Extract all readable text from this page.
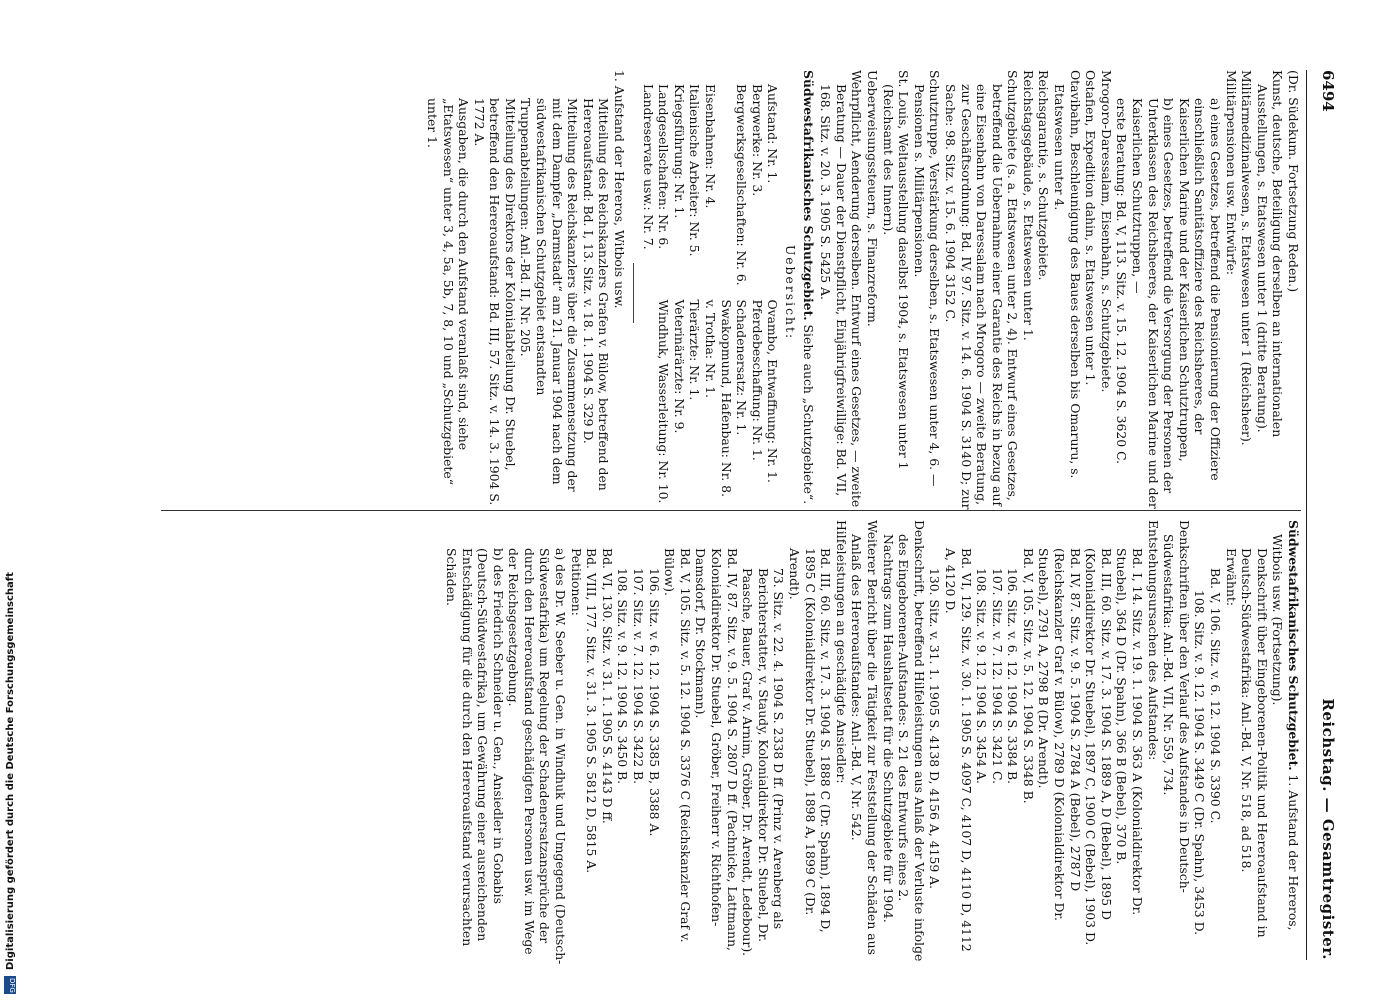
6494
Reichstag. — Gesamtregister.
(Dr. Südekum. Fortsetzung Reden.)
Kunst, deutsche, Beteiligung derselben an internationalen Ausstellungen, s. Etatswesen unter 1 (dritte Beratung).
Militärmedizinalwesen, s. Etatswesen unter 1 (Reichsheer).
Militärpensionen usw. Entwürfe:
a) eines Gesetzes, betreffend die Pensionierung der Offiziere einschließlich Sanitätsoffiziere des Reichsheeres, der Kaiserlichen Marine und der Kaiserlichen Schutztruppen,
b) eines Gesetzes, betreffend die Versorgung der Personen der Unterklassen des Reichsheeres, der Kaiserlichen Marine und der Kaiserlichen Schutztruppen, —
erste Beratung: Bd. V, 113. Sitz. v. 15. 12. 1904 S. 3620 C.
Mrogoro-Daressalam, Eisenbahn, s. Schutzgebiete.
Ostafien, Expedition dahin, s. Etatswesen unter 1.
Otavibahn, Beschleunigung des Baues derselben bis Omaruru, s. Etatswesen unter 4.
Reichsgarantie, s. Schutzgebiete.
Reichstagsgebäude, s. Etatswesen unter 1.
Schutzgebiete (s. a. Etatswesen unter 2, 4). Entwurf eines Gesetzes, betreffend die Uebernahme einer Garantie des Reichs in bezug auf eine Eisenbahn von Daressalam nach Mrogoro — zweite Beratung, zur Geschäftsordnung: Bd. IV, 97. Sitz. v. 14. 6. 1904 S. 3140 D; zur Sache: 98. Sitz. v. 15. 6. 1904 3152 C.
Schutztruppe, Verstärkung derselben, s. Etatswesen unter 4, 6. — Pensionen s. Militärpensionen.
St. Louis, Weltausstellung daselbst 1904, s. Etatswesen unter 1 (Reichsamt des Innern).
Ueberweisungssteuern, s. Finanzreform.
Wehrpflicht, Aenderung derselben. Entwurf eines Gesetzes, — zweite Beratung — Dauer der Dienstpflicht, Einjährigfreiwillige: Bd. VII, 168. Sitz. v. 20. 3. 1905 S. 5425 A.
Südwestafrikanisches Schutzgebiet. Siehe auch „Schutzgebiete“.
Uebersicht:
Aufstand: Nr. 1.
Ovambo, Entwaffnung: Nr. 1.
Bergwerke: Nr. 3.
Pferdebeschaffung: Nr. 1.
Bergwerksgesellschaften: Nr. 6.
Schadenersatz: Nr. 1.
Swakopmund, Hafenbau: Nr. 8.
Eisenbahnen: Nr. 4.
v. Trotha: Nr. 1.
Italienische Arbeiter: Nr. 5.
Tierärzte: Nr. 1.
Kriegsführung: Nr. 1.
Veterinärärzte: Nr. 9.
Landgesellschaften: Nr. 6.
Windhuk, Wasserleitung: Nr. 10.
Landreservate usw.: Nr. 7.
1. Aufstand der Hereros, Witbois usw.
Mitteilung des Reichskanzlers Grafen v. Bülow, betreffend den Hereroaufstand: Bd. I, 13. Sitz. v. 18. 1. 1904 S. 329 D.
Mitteilung des Reichskanzlers über die Zusammensetzung der mit dem Dampfer „Darmstadt“ am 21. Januar 1904 nach dem südwestafrikanischen Schutzgebiet entsandten Truppenabteilungen: Anl.-Bd. II, Nr. 205.
Mitteilung des Direktors der Kolonialabteilung Dr. Stuebel, betreffend den Hereroaufstand: Bd. III, 57. Sitz. v. 14. 3. 1904 S. 1772 A.
Ausgaben, die durch den Aufstand veranlaßt sind, siehe „Etatswesen“ unter 3, 4, 5a, 5b, 7, 8, 10 und „Schutzgebiete“ unter 1.
Südwestafrikanisches Schutzgebiet. 1. Aufstand der Hereros, Witbois usw. (Fortsetzung).
Denkschrift über Eingeborenen-Politik und Hereroaufstand in Deutsch-Südwestafrika: Anl.-Bd. V, Nr. 518, ad 518.
Erwähnt:
Bd. V, 106. Sitz. v. 6. 12. 1904 S. 3390 C.
108. Sitz. v. 9. 12. 1904 S. 3449 C (Dr. Spahn), 3453 D.
Denkschriften über den Verlauf des Aufstandes in Deutsch-Südwestafrika: Anl.-Bd. VII, Nr. 559, 734.
Entstehungsursachen des Aufstandes:
Bd. I, 14. Sitz. v. 19. 1. 1904 S. 363 A (Kolonialdirektor Dr. Stuebel), 364 D (Dr. Spahn), 366 B (Bebel), 370 B.
Bd. III, 60. Sitz. v. 17. 3. 1904 S. 1889 A, D (Bebel), 1895 D (Kolonialdirektor Dr. Stuebel), 1897 C, 1900 C (Bebel), 1903 D.
Bd. IV, 87. Sitz. v. 9. 5. 1904 S. 2784 A (Bebel), 2787 D (Reichskanzler Graf v. Bülow), 2789 D (Kolonialdirektor Dr. Stuebel), 2791 A, 2798 B (Dr. Arendt).
Bd. V, 105. Sitz. v. 5. 12. 1904 S. 3348 B.
106. Sitz. v. 6. 12. 1904 S. 3384 B.
107. Sitz. v. 7. 12. 1904 S. 3421 C.
108. Sitz. v. 9. 12. 1904 S. 3454 A.
Bd. VI, 129. Sitz. v. 30. 1. 1905 S. 4097 C, 4107 D, 4110 D, 4112 A, 4120 D.
130. Sitz. v. 31. 1. 1905 S. 4138 D, 4156 A, 4159 A.
Denkschrift, betreffend Hilfeleistungen aus Anlaß der Verluste infolge des Eingeborenen-Aufstandes: S. 21 des Entwurfs eines 2. Nachtrags zum Haushaltsetat für die Schutzgebiete für 1904.
Weiterer Bericht über die Tätigkeit zur Feststellung der Schäden aus Anlaß des Hereroaufstandes: Anl.-Bd. V, Nr. 542.
Hilfeleistungen an geschädigte Ansiedler:
Bd. III, 60. Sitz. v. 17. 3. 1904 S. 1888 C (Dr. Spahn), 1894 D, 1895 C (Kolonialdirektor Dr. Stuebel), 1898 A, 1899 C (Dr. Arendt).
73. Sitz. v. 22. 4. 1904 S. 2338 D ff. (Prinz v. Arenberg als Berichterstatter, v. Staudy, Kolonialdirektor Dr. Stuebel, Dr. Paasche, Bauer, Graf v. Arnim, Gröber, Dr. Arendt, Ledebour).
Bd. IV, 87. Sitz. v. 9. 5. 1904 S. 2807 D ff. (Pachnicke, Lattmann, Kolonialdirektor Dr. Stuebel, Gröber, Freiherr v. Richthofen-Damsdorf, Dr. Stockmann).
Bd. V, 105. Sitz. v. 5. 12. 1904 S. 3376 C (Reichskanzler Graf v. Bülow).
106. Sitz. v. 6. 12. 1904 S. 3385 B, 3388 A.
107. Sitz. v. 7. 12. 1904 S. 3422 B.
108. Sitz. v. 9. 12. 1904 S. 3450 B.
Bd. VI, 130. Sitz. v. 31. 1. 1905 S. 4143 D ff.
Bd. VIII, 177. Sitz. v. 31. 3. 1905 S. 5812 D, 5815 A.
Petitionen:
a) des Dr. W. Seeber u. Gen. in Windhuk und Umgegend (Deutsch-Südwestafrika) um Regelung der Schadenersatzansprüche der durch den Hereroaufstand geschädigten Personen usw. im Wege der Reichsgesetzgebung.
b) des Friedrich Schneider u. Gen., Ansiedler in Gobabis (Deutsch-Südwestafrika), um Gewährung einer ausreichenden Entschädigung für die durch den Hereroaufstand verursachten Schäden.
Digitalisierung gefördert durch die Deutsche Forschungsgemeinschaft
DFG
